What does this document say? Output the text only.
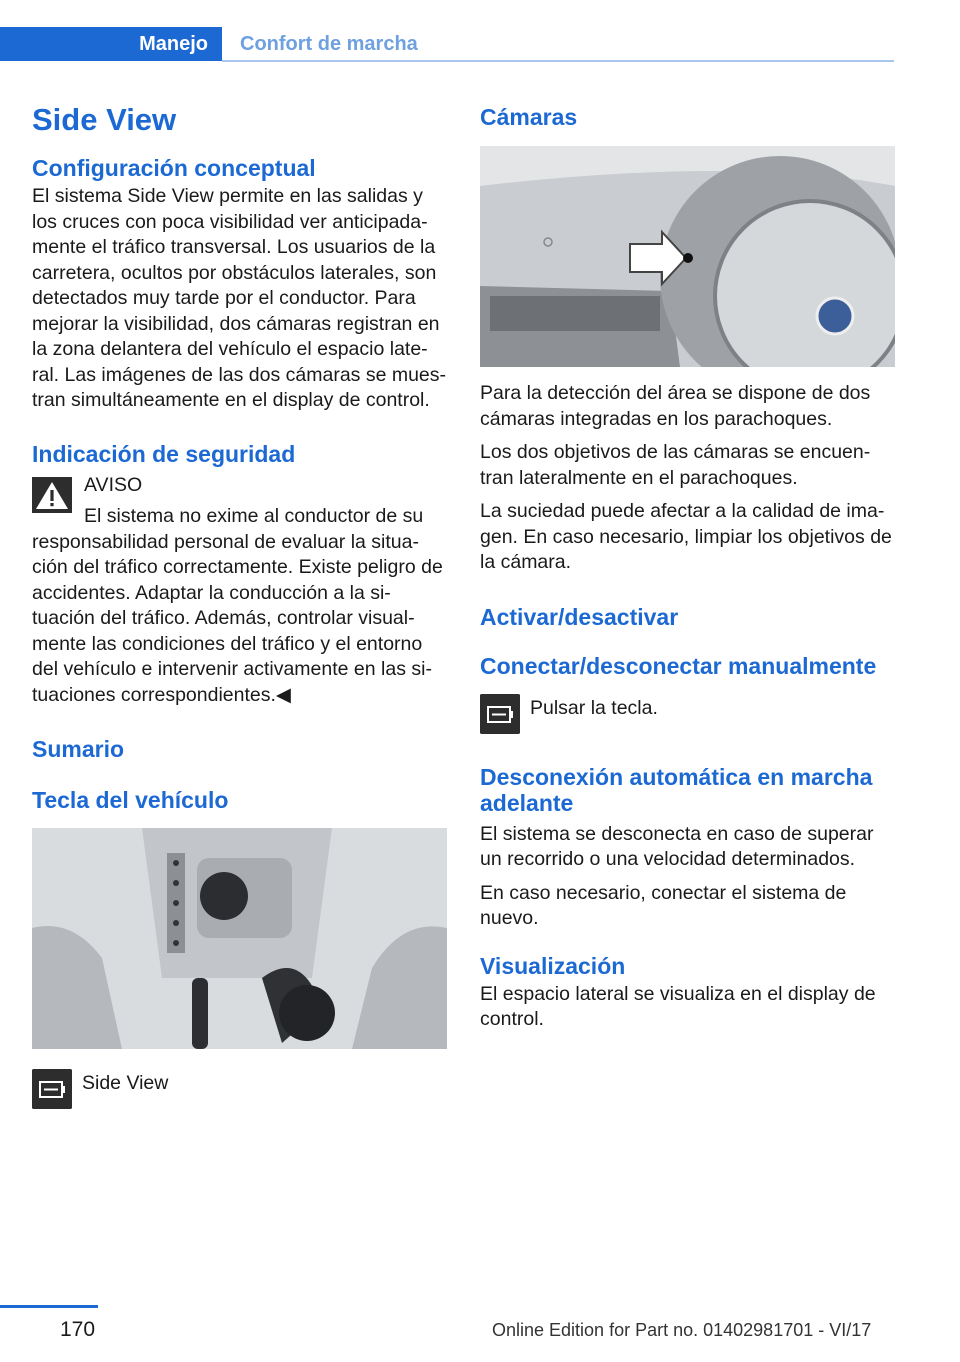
Manejo Confort de marcha
Side View
Configuración conceptual

El sistema Side View permite en las salidas y los cruces con poca visibilidad ver anticipada-mente el tráfico transversal. Los usuarios de la carretera, ocultos por obstáculos laterales, son detectados muy tarde por el conductor. Para mejorar la visibilidad, dos cámaras registran en la zona delantera del vehículo el espacio late-ral. Las imágenes de las dos cámaras se mues-tran simultáneamente en el display de control.

Indicación de seguridad
AVISO

El sistema no exime al conductor de su

responsabilidad personal de evaluar la situa-ción del tráfico correctamente. Existe peligro de accidentes. Adaptar la conducción a la si-tuación del tráfico. Además, controlar visual-mente las condiciones del tráfico y el entorno del vehículo e intervenir activamente en las si-tuaciones correspondientes.◀

Sumario
Tecla del vehículo
Side View
Cámaras

Para la detección del área se dispone de dos cámaras integradas en los parachoques.

Los dos objetivos de las cámaras se encuen-tran lateralmente en el parachoques.

La suciedad puede afectar a la calidad de ima-gen. En caso necesario, limpiar los objetivos de la cámara.

Activar/desactivar
Conectar/desconectar manualmente
Pulsar la tecla.
Desconexión automática en marcha adelante

El sistema se desconecta en caso de superar un recorrido o una velocidad determinados.

En caso necesario, conectar el sistema de nuevo.

Visualización

El espacio lateral se visualiza en el display de control.

170	Online Edition for Part no. 01402981701 - VI/17
